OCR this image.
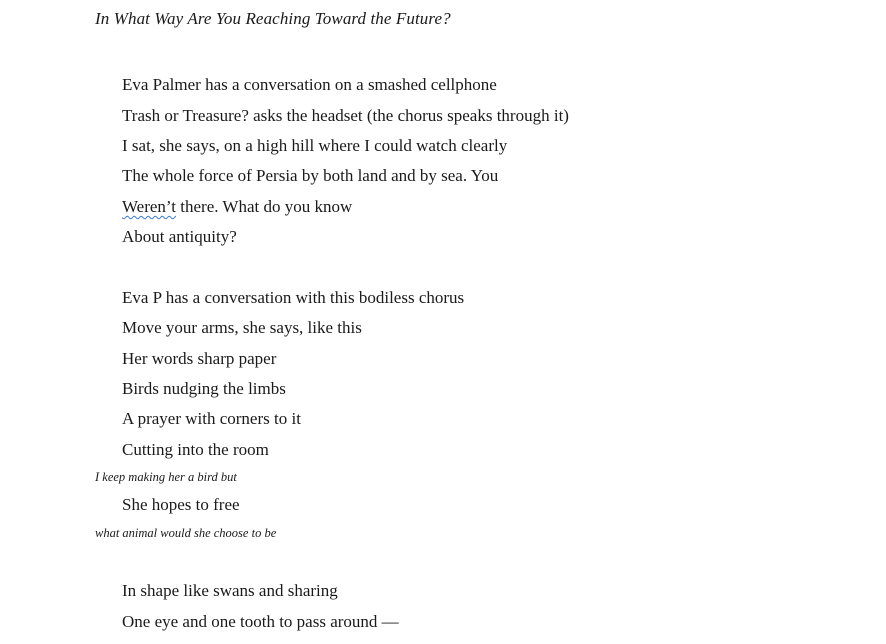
In What Way Are You Reaching Toward the Future?
Eva Palmer has a conversation on a smashed cellphone
Trash or Treasure? asks the headset (the chorus speaks through it)
I sat, she says, on a high hill where I could watch clearly
The whole force of Persia by both land and by sea. You
Weren’t there. What do you know
About antiquity?
Eva P has a conversation with this bodiless chorus
Move your arms, she says, like this
Her words sharp paper
Birds nudging the limbs
A prayer with corners to it
Cutting into the room
I keep making her a bird but
She hopes to free
what animal would she choose to be
In shape like swans and sharing
One eye and one tooth to pass around —
